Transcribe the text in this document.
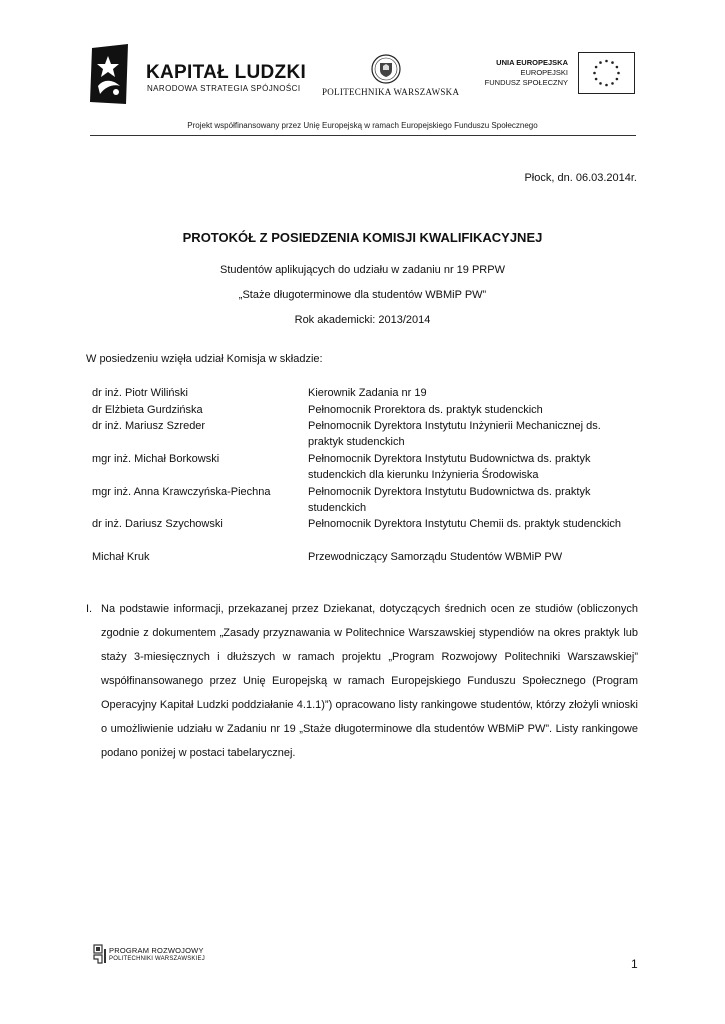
KAPITAŁ LUDZKI
NARODOWA STRATEGIA SPÓJNOŚCI POLITECHNIKA WARSZAWSKA
UNIA EUROPEJSKA
EUROPEJSKI
FUNDUSZ SPOŁECZNY
Projekt współfinansowany przez Unię Europejską w ramach Europejskiego Funduszu Społecznego
Płock, dn. 06.03.2014r.
PROTOKÓŁ Z POSIEDZENIA KOMISJI KWALIFIKACYJNEJ
Studentów aplikujących do udziału w zadaniu nr 19 PRPW
„Staże długoterminowe dla studentów WBMiP PW”
Rok akademicki: 2013/2014
W posiedzeniu wzięła udział Komisja w składzie:
dr inż. Piotr Wiliński	Kierownik Zadania nr 19
dr Elżbieta Gurdzińska	Pełnomocnik Prorektora ds. praktyk studenckich
dr inż. Mariusz Szreder	Pełnomocnik Dyrektora Instytutu Inżynierii Mechanicznej ds. praktyk studenckich
mgr inż. Michał Borkowski	Pełnomocnik Dyrektora Instytutu Budownictwa ds. praktyk studenckich dla kierunku Inżynieria Środowiska
mgr inż. Anna Krawczyńska-Piechna	Pełnomocnik Dyrektora Instytutu Budownictwa ds. praktyk studenckich
dr inż. Dariusz Szychowski	Pełnomocnik Dyrektora Instytutu Chemii ds. praktyk studenckich
Michał Kruk	Przewodniczący Samorządu Studentów WBMiP PW
I. Na podstawie informacji, przekazanej przez Dziekanat, dotyczących średnich ocen ze studiów (obliczonych zgodnie z dokumentem „Zasady przyznawania w Politechnice Warszawskiej stypendiów na okres praktyk lub staży 3-miesięcznych i dłuższych w ramach projektu „Program Rozwojowy Politechniki Warszawskiej” współfinansowanego przez Unię Europejską w ramach Europejskiego Funduszu Społecznego (Program Operacyjny Kapitał Ludzki poddziałanie 4.1.1)”) opracowano listy rankingowe studentów, którzy złożyli wnioski o umożliwienie udziału w Zadaniu nr 19 „Staże długoterminowe dla studentów WBMiP PW”. Listy rankingowe podano poniżej w postaci tabelarycznej.
PROGRAM ROZWOJOWY
POLITECHNIKI WARSZAWSKIEJ	1
